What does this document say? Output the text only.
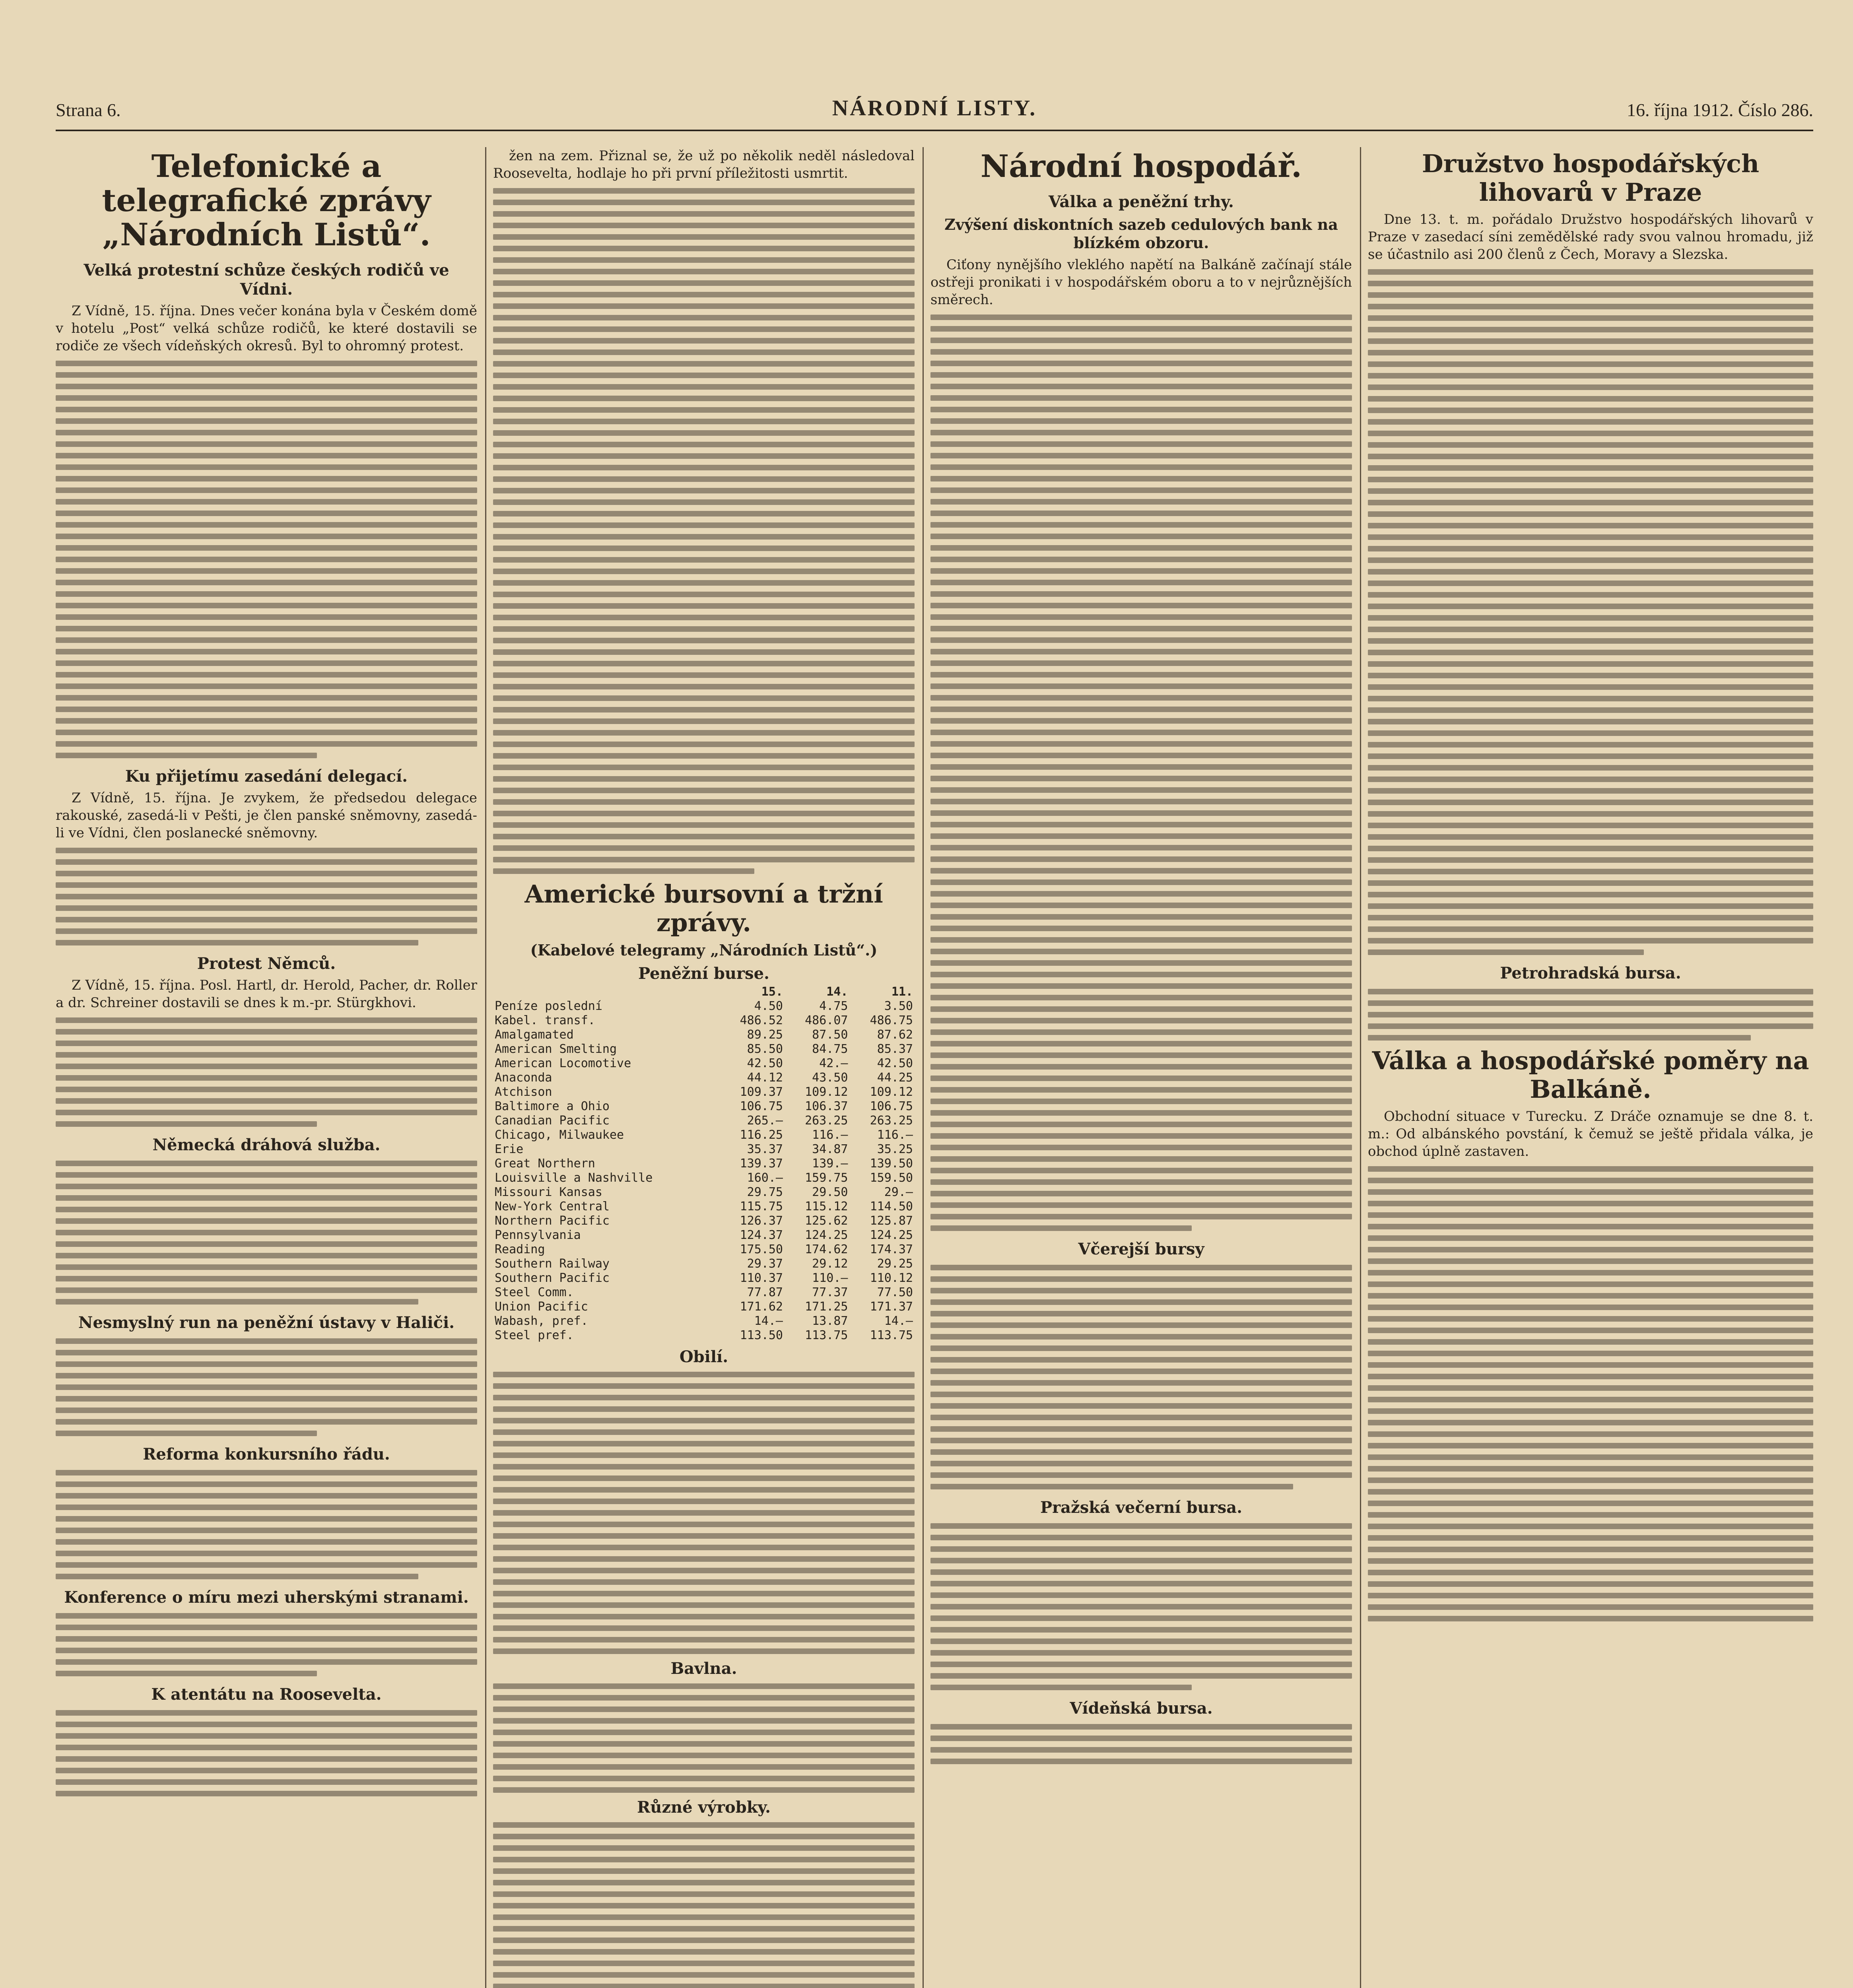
Strana 6.	NÁRODNÍ LISTY.	16. října 1912. Číslo 286.
Telefonické a telegrafické zprávy „Národních Listů“.
Velká protestní schůze českých rodičů ve Vídni.

Z Vídně, 15. října. Dnes večer konána byla v Českém domě v hotelu „Post“ velká schůze rodičů, ke které dostavili se rodiče ze všech vídeňských okresů. Byl to ohromný protest.

Ku přijetímu zasedání delegací.

Z Vídně, 15. října. Je zvykem, že předsedou delegace rakouské, zasedá-li v Pešti, je člen panské sněmovny, zasedá-li ve Vídni, člen poslanecké sněmovny.

Protest Němců.

Z Vídně, 15. října. Posl. Hartl, dr. Herold, Pacher, dr. Roller a dr. Schreiner dostavili se dnes k m.-pr. Stürgkhovi.

Německá dráhová služba.
Nesmyslný run na peněžní ústavy v Haliči.
Reforma konkursního řádu.
Konference o míru mezi uherskými stranami.
K atentátu na Roosevelta.

žen na zem. Přiznal se, že už po několik neděl následoval Roosevelta, hodlaje ho při první příležitosti usmrtit.

Americké bursovní a tržní zprávy.
(Kabelové telegramy „Národních Listů“.)
Peněžní burse.
	15.	14.	11.
Peníze poslední	4.50	4.75	3.50
Kabel. transf.	486.52	486.07	486.75
Amalgamated	89.25	87.50	87.62
American Smelting	85.50	84.75	85.37
American Locomotive	42.50	42.—	42.50
Anaconda	44.12	43.50	44.25
Atchison	109.37	109.12	109.12
Baltimore a Ohio	106.75	106.37	106.75
Canadian Pacific	265.—	263.25	263.25
Chicago, Milwaukee	116.25	116.—	116.—
Erie	35.37	34.87	35.25
Great Northern	139.37	139.—	139.50
Louisville a Nashville	160.—	159.75	159.50
Missouri Kansas	29.75	29.50	29.—
New-York Central	115.75	115.12	114.50
Northern Pacific	126.37	125.62	125.87
Pennsylvania	124.37	124.25	124.25
Reading	175.50	174.62	174.37
Southern Railway	29.37	29.12	29.25
Southern Pacific	110.37	110.—	110.12
Steel Comm.	77.87	77.37	77.50
Union Pacific	171.62	171.25	171.37
Wabash, pref.	14.—	13.87	14.—
Steel pref.	113.50	113.75	113.75
Obilí.
Bavlna.
Různé výrobky.
Národní hospodář.
Válka a peněžní trhy.
Zvýšení diskontních sazeb cedulových bank na blízkém obzoru.

Ciťony nynějšího vleklého napětí na Balkáně začínají stále ostřeji pronikati i v hospodářském oboru a to v nejrůznějších směrech.

Včerejší bursy
Pražská večerní bursa.
Vídeňská bursa.
Družstvo hospodářských lihovarů v Praze

Dne 13. t. m. pořádalo Družstvo hospodářských lihovarů v Praze v zasedací síni zemědělské rady svou valnou hromadu, již se účastnilo asi 200 členů z Čech, Moravy a Slezska.

Petrohradská bursa.
Válka a hospodářské poměry na Balkáně.

Obchodní situace v Turecku. Z Dráče oznamuje se dne 8. t. m.: Od albánského povstání, k čemuž se ještě přidala válka, je obchod úplně zastaven.
